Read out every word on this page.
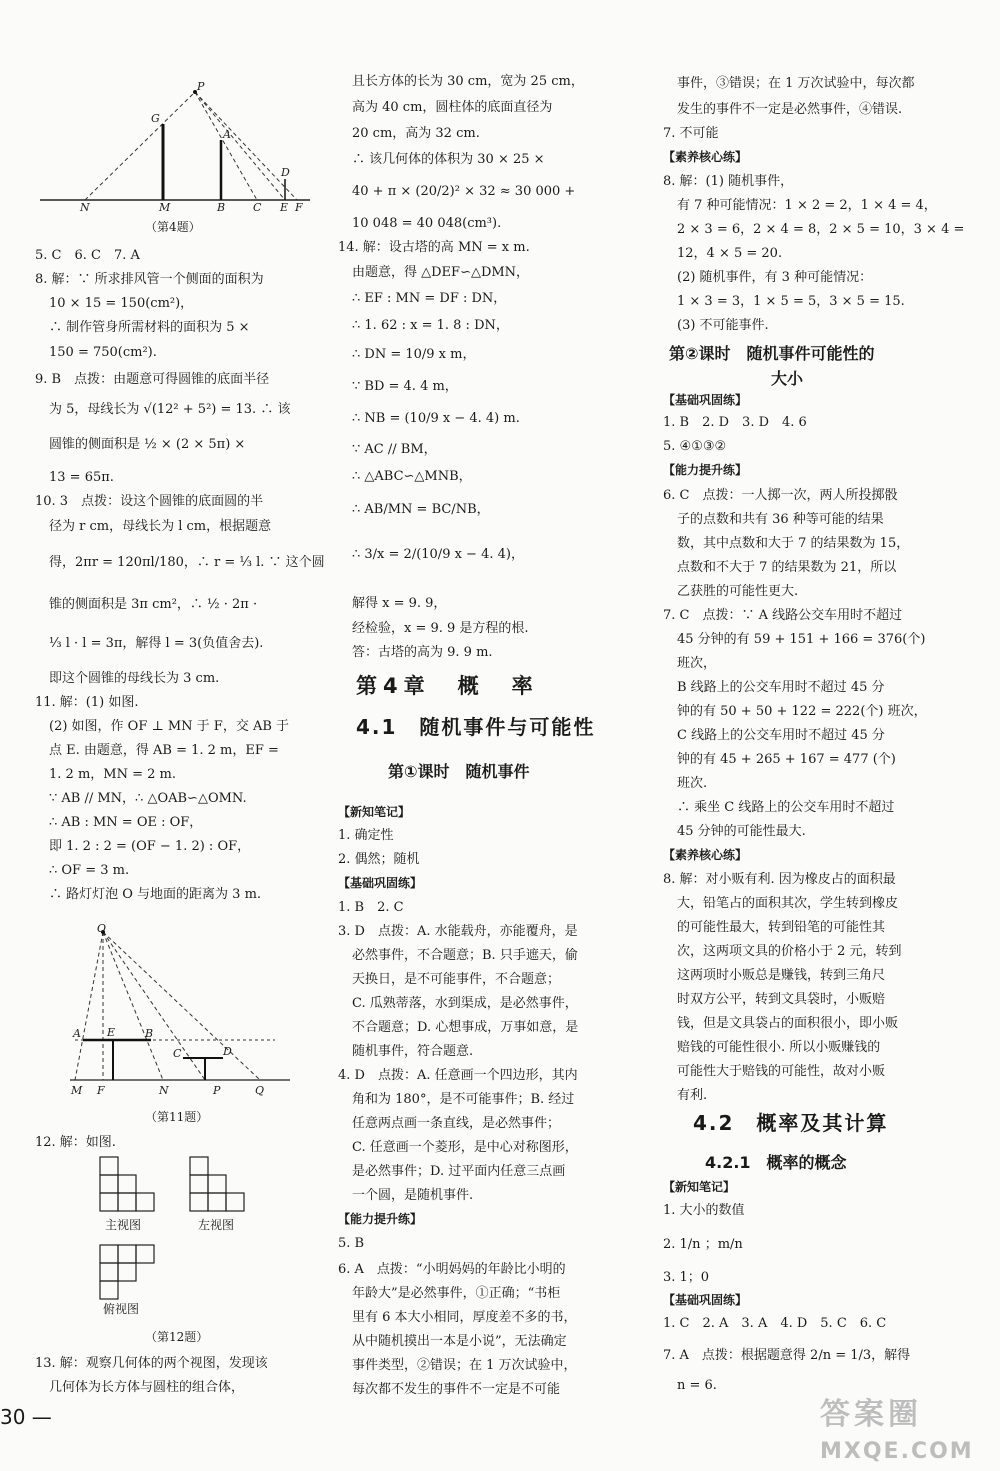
P
G
A
D
N	M	B	C E F
（第4题）
5. C　6. C　7. A
8. 解：∵ 所求排风管一个侧面的面积为
10 × 15 = 150(cm²)，
∴ 制作管身所需材料的面积为 5 ×
150 = 750(cm²).
9. B　点拨：由题意可得圆锥的底面半径
为 5，母线长为 √(12² + 5²) = 13. ∴ 该
圆锥的侧面积是 ½ × (2 × 5π) ×
13 = 65π.
10. 3　点拨：设这个圆锥的底面圆的半
径为 r cm，母线长为 l cm，根据题意
得，2πr = 120πl/180，∴ r = ⅓ l. ∵ 这个圆
锥的侧面积是 3π cm²，∴ ½ · 2π ·
⅓ l · l = 3π，解得 l = 3(负值舍去).
即这个圆锥的母线长为 3 cm.
11. 解：(1) 如图.
(2) 如图，作 OF ⊥ MN 于 F，交 AB 于
点 E. 由题意，得 AB = 1. 2 m，EF =
1. 2 m，MN = 2 m.
∵ AB // MN，∴ △OAB∽△OMN.
∴ AB : MN = OE : OF，
即 1. 2 : 2 = (OF − 1. 2) : OF，
∴ OF = 3 m.
∴ 路灯灯泡 O 与地面的距离为 3 m.
O
A E	B
C	D
M F	N	P	Q
（第11题）
12. 解：如图.
主视图	左视图
俯视图
（第12题）
13. 解：观察几何体的两个视图，发现该
几何体为长方体与圆柱的组合体，
且长方体的长为 30 cm，宽为 25 cm，
高为 40 cm，圆柱体的底面直径为
20 cm，高为 32 cm.
∴ 该几何体的体积为 30 × 25 ×
40 + π × (20/2)² × 32 ≈ 30 000 +
10 048 = 40 048(cm³).
14. 解：设古塔的高 MN = x m.
由题意，得 △DEF∽△DMN，
∴ EF : MN = DF : DN，
∴ 1. 62 : x = 1. 8 : DN，
∴ DN = 10/9 x m，
∵ BD = 4. 4 m，
∴ NB = (10/9 x − 4. 4) m.
∵ AC // BM，
∴ △ABC∽△MNB，
∴ AB/MN = BC/NB，
∴ 3/x = 2/(10/9 x − 4. 4)，
解得 x = 9. 9，
经检验，x = 9. 9 是方程的根.
答：古塔的高为 9. 9 m.
第4章　概　率
4.1　随机事件与可能性
第①课时　随机事件
【新知笔记】
1. 确定性
2. 偶然；随机
【基础巩固练】
1. B　2. C
3. D　点拨：A. 水能载舟，亦能覆舟，是
必然事件，不合题意；B. 只手遮天，偷
天换日，是不可能事件，不合题意；
C. 瓜熟蒂落，水到渠成，是必然事件，
不合题意；D. 心想事成，万事如意，是
随机事件，符合题意.
4. D　点拨：A. 任意画一个四边形，其内
角和为 180°，是不可能事件；B. 经过
任意两点画一条直线，是必然事件；
C. 任意画一个菱形，是中心对称图形，
是必然事件；D. 过平面内任意三点画
一个圆，是随机事件.
【能力提升练】
5. B
6. A　点拨：“小明妈妈的年龄比小明的
年龄大”是必然事件，①正确；“书柜
里有 6 本大小相同，厚度差不多的书，
从中随机摸出一本是小说”，无法确定
事件类型，②错误；在 1 万次试验中，
每次都不发生的事件不一定是不可能
事件，③错误；在 1 万次试验中，每次都
发生的事件不一定是必然事件，④错误.
7. 不可能
【素养核心练】
8. 解：(1) 随机事件，
有 7 种可能情况：1 × 2 = 2，1 × 4 = 4，
2 × 3 = 6，2 × 4 = 8，2 × 5 = 10，3 × 4 =
12，4 × 5 = 20.
(2) 随机事件，有 3 种可能情况：
1 × 3 = 3，1 × 5 = 5，3 × 5 = 15.
(3) 不可能事件.
第②课时　随机事件可能性的
大小
【基础巩固练】
1. B　2. D　3. D　4. 6
5. ④①③②
【能力提升练】
6. C　点拨：一人掷一次，两人所投掷骰
子的点数和共有 36 种等可能的结果
数，其中点数和大于 7 的结果数为 15，
点数和不大于 7 的结果数为 21，所以
乙获胜的可能性更大.
7. C　点拨：∵ A 线路公交车用时不超过
45 分钟的有 59 + 151 + 166 = 376(个)
班次，
B 线路上的公交车用时不超过 45 分
钟的有 50 + 50 + 122 = 222(个) 班次，
C 线路上的公交车用时不超过 45 分
钟的有 45 + 265 + 167 = 477 (个)
班次.
∴ 乘坐 C 线路上的公交车用时不超过
45 分钟的可能性最大.
【素养核心练】
8. 解：对小贩有利. 因为橡皮占的面积最
大，铅笔占的面积其次，学生转到橡皮
的可能性最大，转到铅笔的可能性其
次，这两项文具的价格小于 2 元，转到
这两项时小贩总是赚钱，转到三角尺
时双方公平，转到文具袋时，小贩赔
钱，但是文具袋占的面积很小，即小贩
赔钱的可能性很小. 所以小贩赚钱的
可能性大于赔钱的可能性，故对小贩
有利.
4.2　概率及其计算
4.2.1　概率的概念
【新知笔记】
1. 大小的数值
2. 1/n ；m/n
3. 1；0
【基础巩固练】
1. C　2. A　3. A　4. D　5. C　6. C
7. A　点拨：根据题意得 2/n = 1/3，解得
n = 6.
30 —	答案圈
MXQE.COM
